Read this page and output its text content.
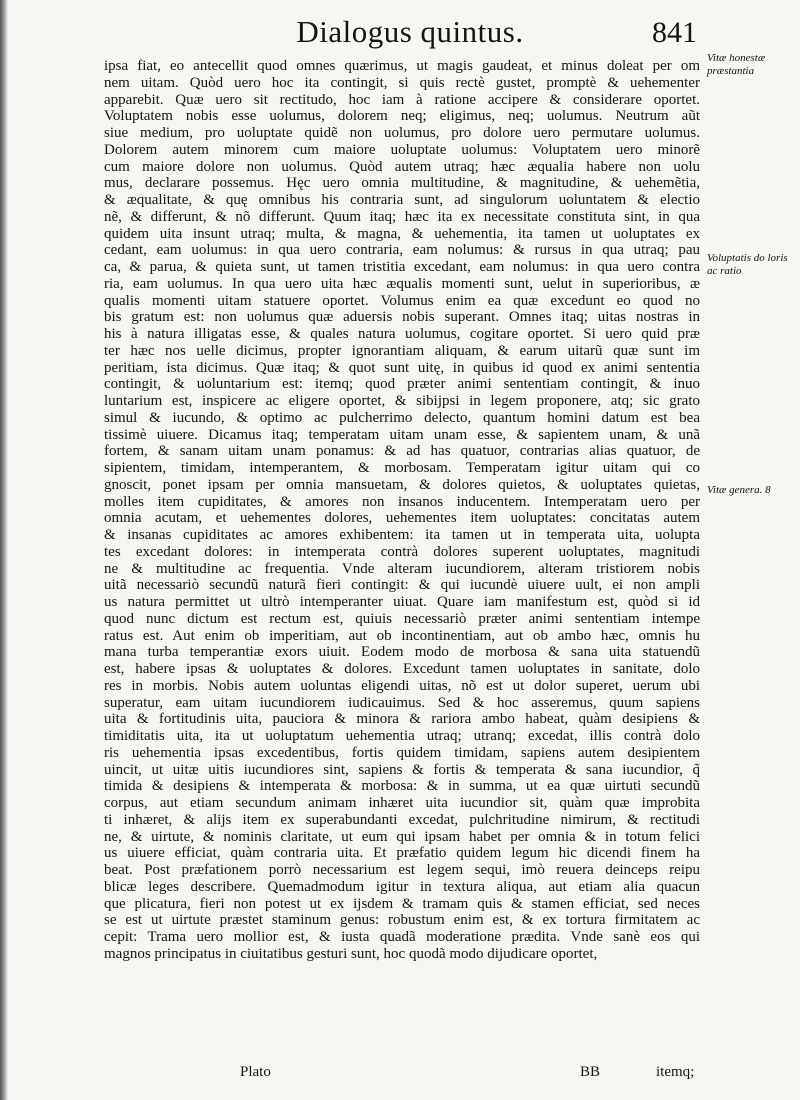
Dialogus quintus.	841
Vitæ honestæ præstantia
Voluptatis do loris ac ratio
Vitæ genera. 8
ipsa fiat, eo antecellit quod omnes quærimus, ut magis gaudeat, et minus doleat per om
nem uitam. Quòd uero hoc ita contingit, si quis rectè gustet, promptè & uehementer
apparebit. Quæ uero sit rectitudo, hoc iam à ratione accipere & considerare oportet.
Voluptatem nobis esse uolumus, dolorem neq; eligimus, neq; uolumus. Neutrum aũt
siue medium, pro uoluptate quidẽ non uolumus, pro dolore uero permutare uolumus.
Dolorem autem minorem cum maiore uoluptate uolumus: Voluptatem uero minorẽ
cum maiore dolore non uolumus. Quòd autem utraq; hæc æqualia habere non uolu
mus, declarare possemus. Hęc uero omnia multitudine, & magnitudine, & uehemẽtia,
& æqualitate, & quę omnibus his contraria sunt, ad singulorum uoluntatem & electio
nẽ, & differunt, & nõ differunt. Quum itaq; hæc ita ex necessitate constituta sint, in qua
quidem uita insunt utraq; multa, & magna, & uehementia, ita tamen ut uoluptates ex
cedant, eam uolumus: in qua uero contraria, eam nolumus: & rursus in qua utraq; pau
ca, & parua, & quieta sunt, ut tamen tristitia excedant, eam nolumus: in qua uero contra
ria, eam uolumus. In qua uero uita hæc æqualis momenti sunt, uelut in superioribus, æ
qualis momenti uitam statuere oportet. Volumus enim ea quæ excedunt eo quod no
bis gratum est: non uolumus quæ aduersis nobis superant. Omnes itaq; uitas nostras in
his à natura illigatas esse, & quales natura uolumus, cogitare oportet. Si uero quid præ
ter hæc nos uelle dicimus, propter ignorantiam aliquam, & earum uitarũ quæ sunt im
peritiam, ista dicimus. Quæ itaq; & quot sunt uitę, in quibus id quod ex animi sententia
contingit, & uoluntarium est: itemq; quod præter animi sententiam contingit, & inuo
luntarium est, inspicere ac eligere oportet, & sibijpsi in legem proponere, atq; sic grato
simul & iucundo, & optimo ac pulcherrimo delecto, quantum homini datum est bea
tissimè uiuere. Dicamus itaq; temperatam uitam unam esse, & sapientem unam, & unã
fortem, & sanam uitam unam ponamus: & ad has quatuor, contrarias alias quatuor, de
sipientem, timidam, intemperantem, & morbosam. Temperatam igitur uitam qui co
gnoscit, ponet ipsam per omnia mansuetam, & dolores quietos, & uoluptates quietas,
molles item cupiditates, & amores non insanos inducentem. Intemperatam uero per
omnia acutam, et uehementes dolores, uehementes item uoluptates: concitatas autem
& insanas cupiditates ac amores exhibentem: ita tamen ut in temperata uita, uolupta
tes excedant dolores: in intemperata contrà dolores superent uoluptates, magnitudi
ne & multitudine ac frequentia. Vnde alteram iucundiorem, alteram tristiorem nobis
uitã necessariò secundũ naturã fieri contingit: & qui iucundè uiuere uult, ei non ampli
us natura permittet ut ultrò intemperanter uiuat. Quare iam manifestum est, quòd si id
quod nunc dictum est rectum est, quiuis necessariò præter animi sententiam intempe
ratus est. Aut enim ob imperitiam, aut ob incontinentiam, aut ob ambo hæc, omnis hu
mana turba temperantiæ exors uiuit. Eodem modo de morbosa & sana uita statuendũ
est, habere ipsas & uoluptates & dolores. Excedunt tamen uoluptates in sanitate, dolo
res in morbis. Nobis autem uoluntas eligendi uitas, nõ est ut dolor superet, uerum ubi
superatur, eam uitam iucundiorem iudicauimus. Sed & hoc asseremus, quum sapiens
uita & fortitudinis uita, pauciora & minora & rariora ambo habeat, quàm desipiens &
timiditatis uita, ita ut uoluptatum uehementia utraq; utranq; excedat, illis contrà dolo
ris uehementia ipsas excedentibus, fortis quidem timidam, sapiens autem desipientem
uincit, ut uitæ uitis iucundiores sint, sapiens & fortis & temperata & sana iucundior, q̃
timida & desipiens & intemperata & morbosa: & in summa, ut ea quæ uirtuti secundũ
corpus, aut etiam secundum animam inhæret uita iucundior sit, quàm quæ improbita
ti inhæret, & alijs item ex superabundanti excedat, pulchritudine nimirum, & rectitudi
ne, & uirtute, & nominis claritate, ut eum qui ipsam habet per omnia & in totum felici
us uiuere efficiat, quàm contraria uita. Et præfatio quidem legum hic dicendi finem ha
beat. Post præfationem porrò necessarium est legem sequi, imò reuera deinceps reipu
blicæ leges describere. Quemadmodum igitur in textura aliqua, aut etiam alia quacun
que plicatura, fieri non potest ut ex ijsdem & tramam quis & stamen efficiat, sed neces
se est ut uirtute præstet staminum genus: robustum enim est, & ex tortura firmitatem ac
cepit: Trama uero mollior est, & iusta quadã moderatione prædita. Vnde sanè eos qui
magnos principatus in ciuitatibus gesturi sunt, hoc quodã modo dijudicare oportet,
Plato	BB	itemq;
